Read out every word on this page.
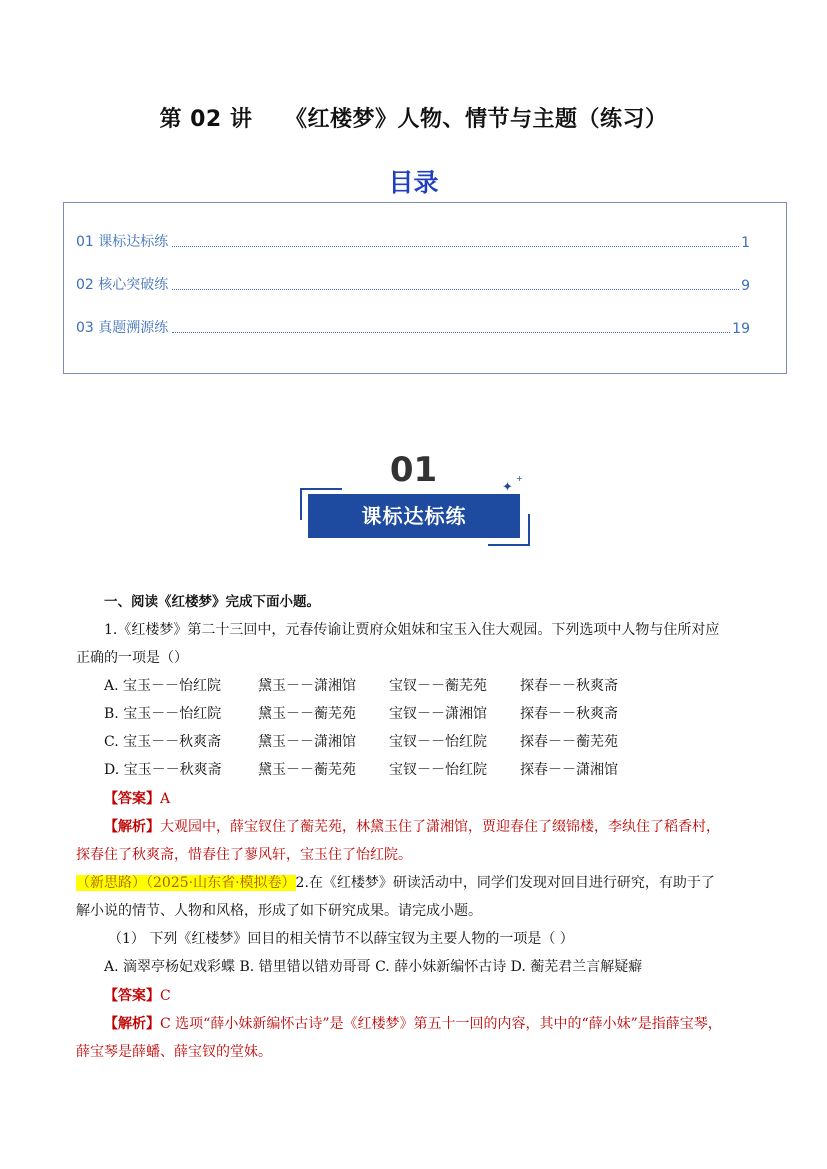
第 02 讲    《红楼梦》人物、情节与主题（练习）
目录
01 课标达标练	1
02 核心突破练	9
03 真题溯源练	19
01
课标达标练
✦
+
一、阅读《红楼梦》完成下面小题。
1.《红楼梦》第二十三回中，元春传谕让贾府众姐妹和宝玉入住大观园。下列选项中人物与住所对应
正确的一项是（）
A. 宝玉－－怡红院	黛玉－－潇湘馆	宝钗－－蘅芜苑	探春－－秋爽斋
B. 宝玉－－怡红院	黛玉－－蘅芜苑	宝钗－－潇湘馆	探春－－秋爽斋
C. 宝玉－－秋爽斋	黛玉－－潇湘馆	宝钗－－怡红院	探春－－蘅芜苑
D. 宝玉－－秋爽斋	黛玉－－蘅芜苑	宝钗－－怡红院	探春－－潇湘馆
【答案】A
【解析】大观园中，薛宝钗住了蘅芜苑，林黛玉住了潇湘馆，贾迎春住了缀锦楼，李纨住了稻香村，
探春住了秋爽斋，惜春住了蓼风轩，宝玉住了怡红院。
（新思路）（2025·山东省·模拟卷）2.在《红楼梦》研读活动中，同学们发现对回目进行研究，有助于了
解小说的情节、人物和风格，形成了如下研究成果。请完成小题。
（1） 下列《红楼梦》回目的相关情节不以薛宝钗为主要人物的一项是（ ）
A. 滴翠亭杨妃戏彩蝶 B. 错里错以错劝哥哥 C. 薛小妹新编怀古诗 D. 蘅芜君兰言解疑癖
【答案】C
【解析】C 选项“薛小妹新编怀古诗”是《红楼梦》第五十一回的内容，其中的“薛小妹”是指薛宝琴，
薛宝琴是薛蟠、薛宝钗的堂妹。
